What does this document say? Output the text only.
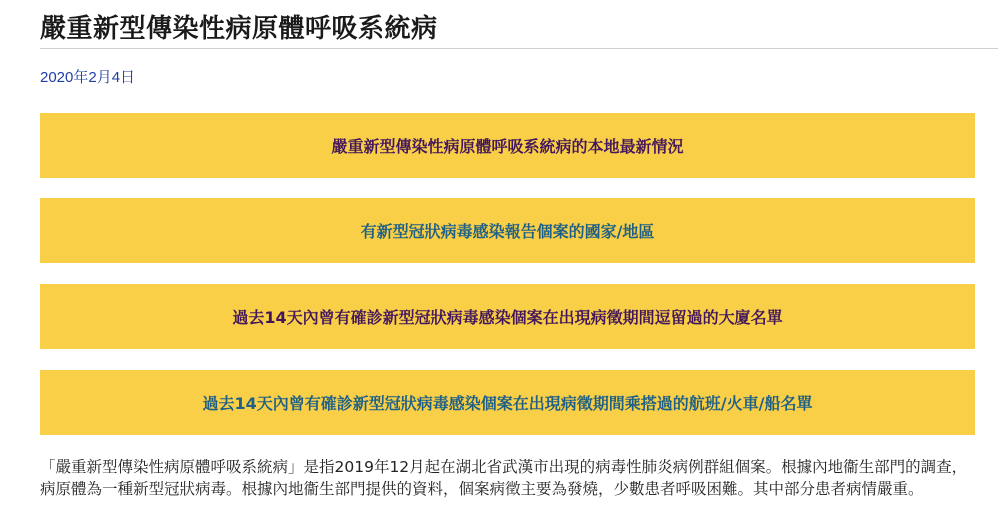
嚴重新型傳染性病原體呼吸系統病
2020年2月4日
嚴重新型傳染性病原體呼吸系統病的本地最新情況
有新型冠狀病毒感染報告個案的國家/地區
過去14天內曾有確診新型冠狀病毒感染個案在出現病徵期間逗留過的大廈名單
過去14天內曾有確診新型冠狀病毒感染個案在出現病徵期間乘搭過的航班/火車/船名單

「嚴重新型傳染性病原體呼吸系統病」是指2019年12月起在湖北省武漢市出現的病毒性肺炎病例群組個案。根據內地衞生部門的調查，病原體為一種新型冠狀病毒。根據內地衞生部門提供的資料，個案病徵主要為發燒，少數患者呼吸困難。其中部分患者病情嚴重。
